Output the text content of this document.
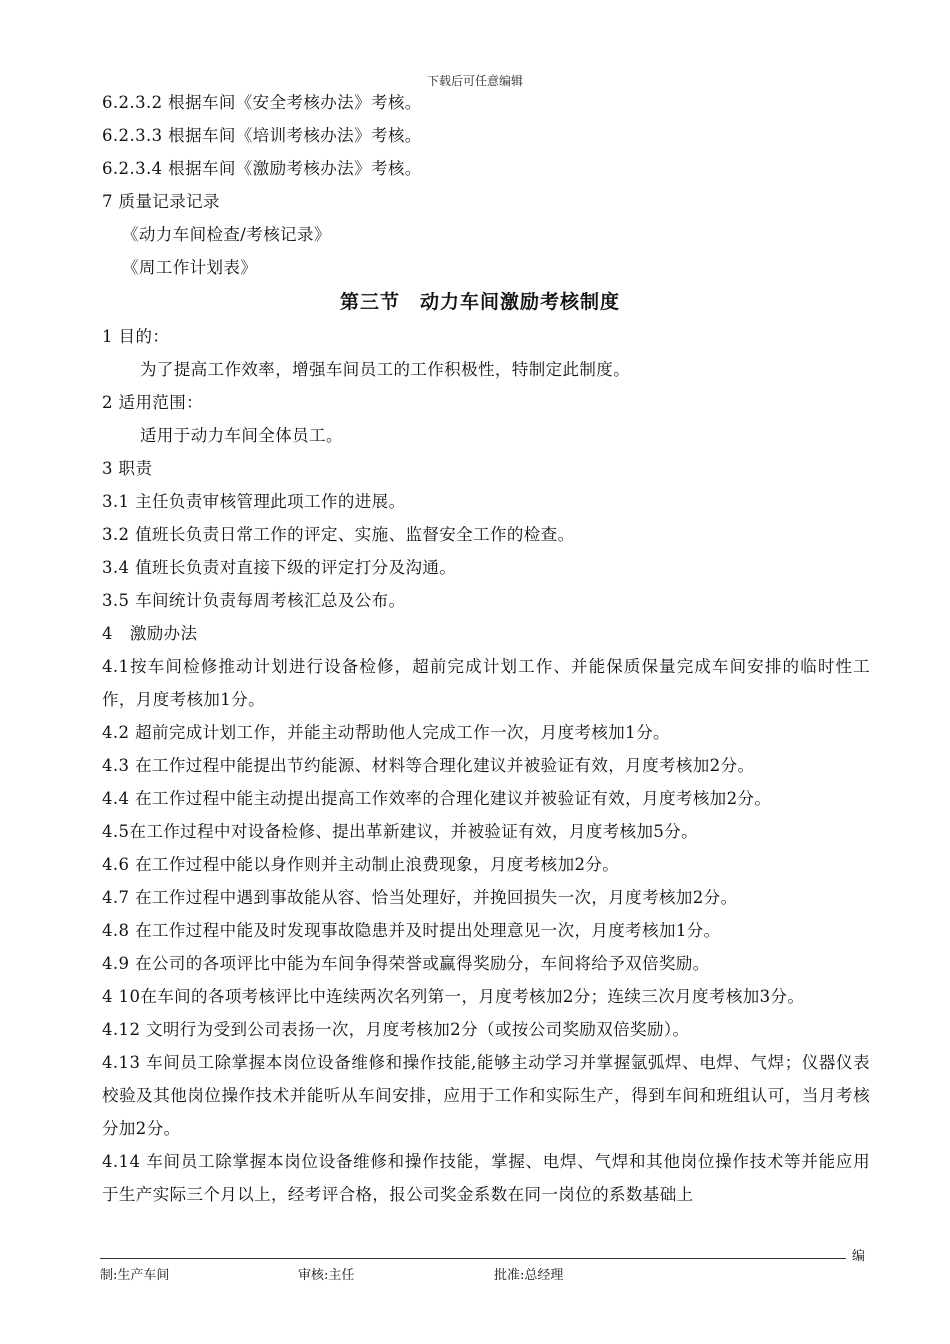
下载后可任意编辑
6.2.3.2 根据车间《安全考核办法》考核。
6.2.3.3 根据车间《培训考核办法》考核。
6.2.3.4 根据车间《激励考核办法》考核。
7 质量记录记录
《动力车间检查/考核记录》
《周工作计划表》
第三节　动力车间激励考核制度
1 目的：
为了提高工作效率，增强车间员工的工作积极性，特制定此制度。
2 适用范围：
适用于动力车间全体员工。
3 职责
3.1 主任负责审核管理此项工作的进展。
3.2 值班长负责日常工作的评定、实施、监督安全工作的检查。
3.4 值班长负责对直接下级的评定打分及沟通。
3.5 车间统计负责每周考核汇总及公布。
4　激励办法
4.1按车间检修推动计划进行设备检修，超前完成计划工作、并能保质保量完成车间安排的临时性工作，月度考核加1分。
4.2 超前完成计划工作，并能主动帮助他人完成工作一次，月度考核加1分。
4.3 在工作过程中能提出节约能源、材料等合理化建议并被验证有效，月度考核加2分。
4.4 在工作过程中能主动提出提高工作效率的合理化建议并被验证有效，月度考核加2分。
4.5在工作过程中对设备检修、提出革新建议，并被验证有效，月度考核加5分。
4.6 在工作过程中能以身作则并主动制止浪费现象，月度考核加2分。
4.7 在工作过程中遇到事故能从容、恰当处理好，并挽回损失一次，月度考核加2分。
4.8 在工作过程中能及时发现事故隐患并及时提出处理意见一次，月度考核加1分。
4.9 在公司的各项评比中能为车间争得荣誉或赢得奖励分，车间将给予双倍奖励。
4 10在车间的各项考核评比中连续两次名列第一，月度考核加2分；连续三次月度考核加3分。
4.12 文明行为受到公司表扬一次，月度考核加2分（或按公司奖励双倍奖励）。
4.13 车间员工除掌握本岗位设备维修和操作技能,能够主动学习并掌握氩弧焊、电焊、气焊；仪器仪表校验及其他岗位操作技术并能听从车间安排，应用于工作和实际生产，得到车间和班组认可，当月考核分加2分。
4.14 车间员工除掌握本岗位设备维修和操作技能，掌握、电焊、气焊和其他岗位操作技术等并能应用于生产实际三个月以上，经考评合格，报公司奖金系数在同一岗位的系数基础上
编
制:生产车间	审核:主任	批准:总经理
